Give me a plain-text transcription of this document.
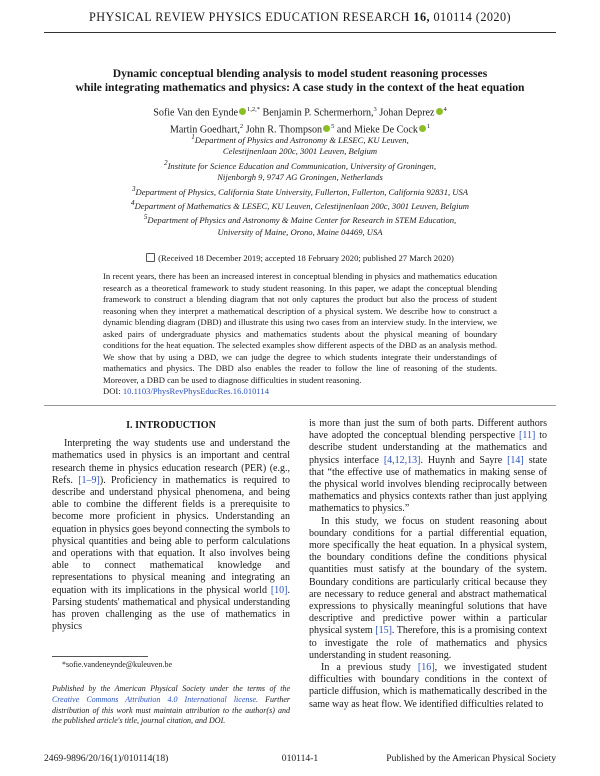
PHYSICAL REVIEW PHYSICS EDUCATION RESEARCH 16, 010114 (2020)
Dynamic conceptual blending analysis to model student reasoning processes
while integrating mathematics and physics: A case study in the context of the heat equation
Sofie Van den Eynde $^{1,2,*}$ Benjamin P. Schermerhorn,$^3$ Johan Deprez $^4$
Martin Goedhart,$^2$ John R. Thompson $^5$ and Mieke De Cock $^1$
$^1$Department of Physics and Astronomy & LESEC, KU Leuven,
Celestijnenlaan 200c, 3001 Leuven, Belgium
$^2$Institute for Science Education and Communication, University of Groningen,
Nijenborgh 9, 9747 AG Groningen, Netherlands
$^3$Department of Physics, California State University, Fullerton, Fullerton, California 92831, USA
$^4$Department of Mathematics & LESEC, KU Leuven, Celestijnenlaan 200c, 3001 Leuven, Belgium
$^5$Department of Physics and Astronomy & Maine Center for Research in STEM Education,
University of Maine, Orono, Maine 04469, USA
(Received 18 December 2019; accepted 18 February 2020; published 27 March 2020)
In recent years, there has been an increased interest in conceptual blending in physics and mathematics education research as a theoretical framework to study student reasoning. In this paper, we adapt the conceptual blending framework to construct a blending diagram that not only captures the product but also the process of student reasoning when they interpret a mathematical description of a physical system. We describe how to construct a dynamic blending diagram (DBD) and illustrate this using two cases from an interview study. In the interview, we asked pairs of undergraduate physics and mathematics students about the physical meaning of boundary conditions for the heat equation. The selected examples show different aspects of the DBD as an analysis method. We show that by using a DBD, we can judge the degree to which students integrate their understandings of mathematics and physics. The DBD also enables the reader to follow the line of reasoning of the students. Moreover, a DBD can be used to diagnose difficulties in student reasoning.
DOI: 10.1103/PhysRevPhysEducRes.16.010114
I. INTRODUCTION

Interpreting the way students use and understand the mathematics used in physics is an important and central research theme in physics education research (PER) (e.g., Refs. [1–9]). Proficiency in mathematics is required to describe and understand physical phenomena, and being able to combine the different fields is a prerequisite to become more proficient in physics. Understanding an equation in physics goes beyond connecting the symbols to physical quantities and being able to perform calculations and operations with that equation. It also involves being able to connect mathematical knowledge and representations to physical meaning and integrating an equation with its implications in the physical world [10]. Parsing students' mathematical and physical understanding has proven challenging as the use of mathematics in physics

is more than just the sum of both parts. Different authors have adopted the conceptual blending perspective [11] to describe student understanding at the mathematics and physics interface [4,12,13]. Huynh and Sayre [14] state that “the effective use of mathematics in making sense of the physical world involves blending reciprocally between mathematics and physics contexts rather than just applying mathematics to physics.”

In this study, we focus on student reasoning about boundary conditions for a partial differential equation, more specifically the heat equation. In a physical system, the boundary conditions define the conditions physical quantities must satisfy at the boundary of the system. Boundary conditions are particularly critical because they are necessary to reduce general and abstract mathematical expressions to physically meaningful solutions that have descriptive and predictive power within a particular physical system [15]. Therefore, this is a promising context to investigate the role of mathematics and physics understanding in student reasoning.

In a previous study [16], we investigated student difficulties with boundary conditions in the context of particle diffusion, which is mathematically described in the same way as heat flow. We identified difficulties related to

*sofie.vandeneynde@kuleuven.be
Published by the American Physical Society under the terms of the Creative Commons Attribution 4.0 International license. Further distribution of this work must maintain attribution to the author(s) and the published article's title, journal citation, and DOI.
2469-9896/20/16(1)/010114(18)	010114-1	Published by the American Physical Society
